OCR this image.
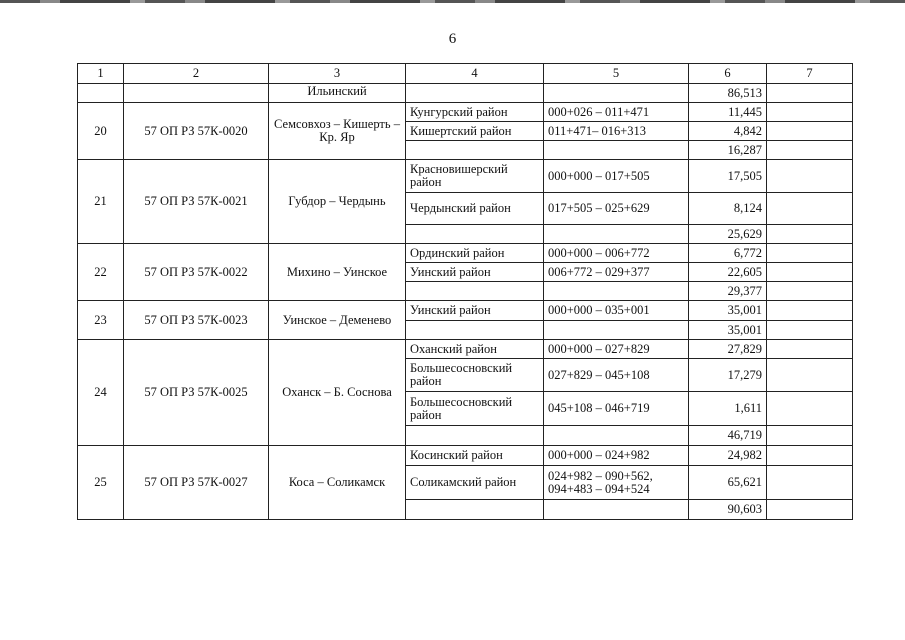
6
1	2	3	4	5	6	7
		Ильинский			86,513	
20	57 ОП РЗ 57К-0020	Семсовхоз – Кишерть – Кр. Яр	Кунгурский район	000+026 – 011+471	11,445	
			Кишертский район	011+471– 016+313	4,842	
					16,287	
21	57 ОП РЗ 57К-0021	Губдор – Чердынь	Красновишерский район	000+000 – 017+505	17,505	
			Чердынский район	017+505 – 025+629	8,124	
					25,629	
22	57 ОП РЗ 57К-0022	Михино – Уинское	Ординский район	000+000 – 006+772	6,772	
			Уинский район	006+772 – 029+377	22,605	
					29,377	
23	57 ОП РЗ 57К-0023	Уинское – Деменево	Уинский район	000+000 – 035+001	35,001	
					35,001	
24	57 ОП РЗ 57К-0025	Оханск – Б. Соснова	Оханский район	000+000 – 027+829	27,829	
			Большесосновский район	027+829 – 045+108	17,279	
			Большесосновский район	045+108 – 046+719	1,611	
					46,719	
25	57 ОП РЗ 57К-0027	Коса – Соликамск	Косинский район	000+000 – 024+982	24,982	
			Соликамский район	024+982 – 090+562, 094+483 – 094+524	65,621	
					90,603	
